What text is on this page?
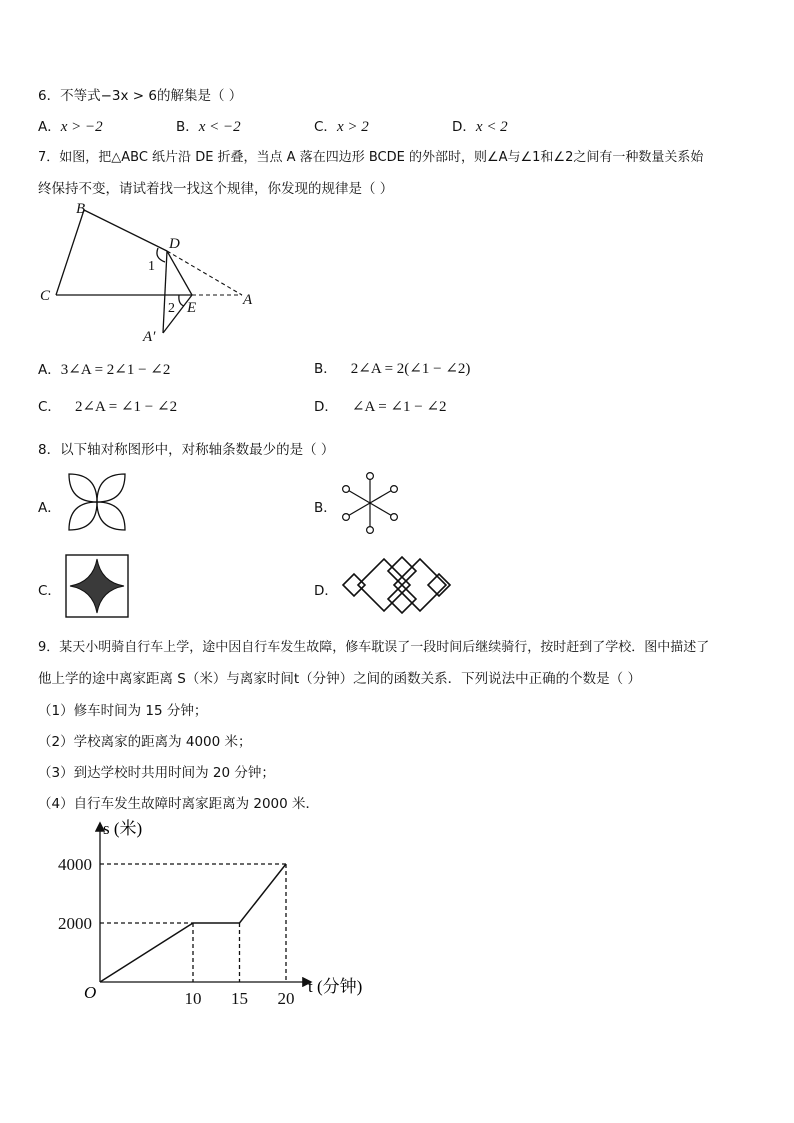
6．不等式−3x > 6的解集是（ ）
A．x > −2	B．x < −2	C．x > 2	D．x < 2
7．如图，把△ABC 纸片沿 DE 折叠，当点 A 落在四边形 BCDE 的外部时，则∠A与∠1和∠2之间有一种数量关系始
终保持不变，请试着找一找这个规律，你发现的规律是（ ）
B
D
C
E	A
A′
1
2
A．3∠A = 2∠1 − ∠2	B． 2∠A = 2(∠1 − ∠2)
C． 2∠A = ∠1 − ∠2	D． ∠A = ∠1 − ∠2
8．以下轴对称图形中，对称轴条数最少的是（ ）
A．	B．
C．	D．
9．某天小明骑自行车上学，途中因自行车发生故障，修车耽误了一段时间后继续骑行，按时赶到了学校．图中描述了
他上学的途中离家距离 S（米）与离家时间t（分钟）之间的函数关系．下列说法中正确的个数是（ ）
（1）修车时间为 15 分钟；
（2）学校离家的距离为 4000 米；
（3）到达学校时共用时间为 20 分钟；
（4）自行车发生故障时离家距离为 2000 米．
s (米)
t (分钟)
O
2000
4000
10 15 20
